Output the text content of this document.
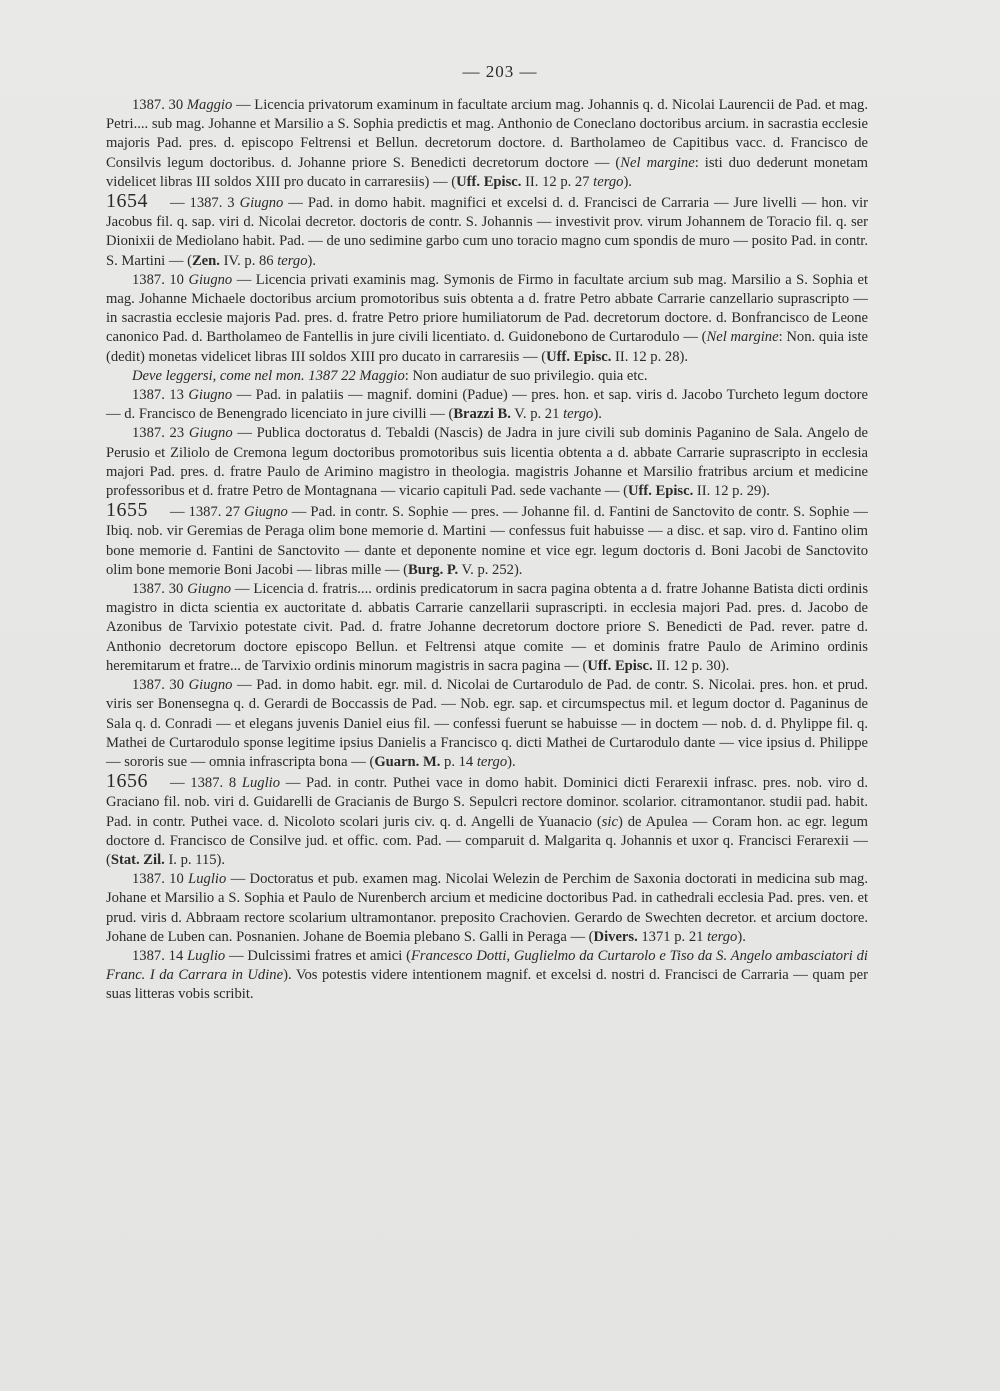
— 203 —

1387. 30 Maggio — Licencia privatorum examinum in facultate arcium mag. Johannis q. d. Nicolai Laurencii de Pad. et mag. Petri.... sub mag. Johanne et Marsilio a S. Sophia predictis et mag. Anthonio de Coneclano doctoribus arcium. in sacrastia ecclesie majoris Pad. pres. d. episcopo Feltrensi et Bellun. decretorum doctore. d. Bartholameo de Capitibus vacc. d. Francisco de Consilvis legum doctoribus. d. Johanne priore S. Benedicti decretorum doctore — (Nel margine: isti duo dederunt monetam videlicet libras III soldos XIII pro ducato in carraresiis) — (Uff. Episc. II. 12 p. 27 tergo).

1654 — 1387. 3 Giugno — Pad. in domo habit. magnifici et excelsi d. d. Francisci de Carraria — Jure livelli — hon. vir Jacobus fil. q. sap. viri d. Nicolai decretor. doctoris de contr. S. Johannis — investivit prov. virum Johannem de Toracio fil. q. ser Dionixii de Mediolano habit. Pad. — de uno sedimine garbo cum uno toracio magno cum spondis de muro — posito Pad. in contr. S. Martini — (Zen. IV. p. 86 tergo).

1387. 10 Giugno — Licencia privati examinis mag. Symonis de Firmo in facultate arcium sub mag. Marsilio a S. Sophia et mag. Johanne Michaele doctoribus arcium promotoribus suis obtenta a d. fratre Petro abbate Carrarie canzellario suprascripto — in sacrastia ecclesie majoris Pad. pres. d. fratre Petro priore humiliatorum de Pad. decretorum doctore. d. Bonfrancisco de Leone canonico Pad. d. Bartholameo de Fantellis in jure civili licentiato. d. Guidonebono de Curtarodulo — (Nel margine: Non. quia iste (dedit) monetas videlicet libras III soldos XIII pro ducato in carraresiis — (Uff. Episc. II. 12 p. 28).

Deve leggersi, come nel mon. 1387 22 Maggio: Non audiatur de suo privilegio. quia etc.

1387. 13 Giugno — Pad. in palatiis — magnif. domini (Padue) — pres. hon. et sap. viris d. Jacobo Turcheto legum doctore — d. Francisco de Benengrado licenciato in jure civilli — (Brazzi B. V. p. 21 tergo).

1387. 23 Giugno — Publica doctoratus d. Tebaldi (Nascis) de Jadra in jure civili sub dominis Paganino de Sala. Angelo de Perusio et Ziliolo de Cremona legum doctoribus promotoribus suis licentia obtenta a d. abbate Carrarie suprascripto in ecclesia majori Pad. pres. d. fratre Paulo de Arimino magistro in theologia. magistris Johanne et Marsilio fratribus arcium et medicine professoribus et d. fratre Petro de Montagnana — vicario capituli Pad. sede vachante — (Uff. Episc. II. 12 p. 29).

1655 — 1387. 27 Giugno — Pad. in contr. S. Sophie — pres. — Johanne fil. d. Fantini de Sanctovito de contr. S. Sophie — Ibiq. nob. vir Geremias de Peraga olim bone memorie d. Martini — confessus fuit habuisse — a disc. et sap. viro d. Fantino olim bone memorie d. Fantini de Sanctovito — dante et deponente nomine et vice egr. legum doctoris d. Boni Jacobi de Sanctovito olim bone memorie Boni Jacobi — libras mille — (Burg. P. V. p. 252).

1387. 30 Giugno — Licencia d. fratris.... ordinis predicatorum in sacra pagina obtenta a d. fratre Johanne Batista dicti ordinis magistro in dicta scientia ex auctoritate d. abbatis Carrarie canzellarii suprascripti. in ecclesia majori Pad. pres. d. Jacobo de Azonibus de Tarvixio potestate civit. Pad. d. fratre Johanne decretorum doctore priore S. Benedicti de Pad. rever. patre d. Anthonio decretorum doctore episcopo Bellun. et Feltrensi atque comite — et dominis fratre Paulo de Arimino ordinis heremitarum et fratre... de Tarvixio ordinis minorum magistris in sacra pagina — (Uff. Episc. II. 12 p. 30).

1387. 30 Giugno — Pad. in domo habit. egr. mil. d. Nicolai de Curtarodulo de Pad. de contr. S. Nicolai. pres. hon. et prud. viris ser Bonensegna q. d. Gerardi de Boccassis de Pad. — Nob. egr. sap. et circumspectus mil. et legum doctor d. Paganinus de Sala q. d. Conradi — et elegans juvenis Daniel eius fil. — confessi fuerunt se habuisse — in doctem — nob. d. d. Phylippe fil. q. Mathei de Curtarodulo sponse legitime ipsius Danielis a Francisco q. dicti Mathei de Curtarodulo dante — vice ipsius d. Philippe — sororis sue — omnia infrascripta bona — (Guarn. M. p. 14 tergo).

1656 — 1387. 8 Luglio — Pad. in contr. Puthei vace in domo habit. Dominici dicti Ferarexii infrasc. pres. nob. viro d. Graciano fil. nob. viri d. Guidarelli de Gracianis de Burgo S. Sepulcri rectore dominor. scolarior. citramontanor. studii pad. habit. Pad. in contr. Puthei vace. d. Nicoloto scolari juris civ. q. d. Angelli de Yuanacio (sic) de Apulea — Coram hon. ac egr. legum doctore d. Francisco de Consilve jud. et offic. com. Pad. — comparuit d. Malgarita q. Johannis et uxor q. Francisci Ferarexii — (Stat. Zil. I. p. 115).

1387. 10 Luglio — Doctoratus et pub. examen mag. Nicolai Welezin de Perchim de Saxonia doctorati in medicina sub mag. Johane et Marsilio a S. Sophia et Paulo de Nurenberch arcium et medicine doctoribus Pad. in cathedrali ecclesia Pad. pres. ven. et prud. viris d. Abbraam rectore scolarium ultramontanor. preposito Crachovien. Gerardo de Swechten decretor. et arcium doctore. Johane de Luben can. Posnanien. Johane de Boemia plebano S. Galli in Peraga — (Divers. 1371 p. 21 tergo).

1387. 14 Luglio — Dulcissimi fratres et amici (Francesco Dotti, Guglielmo da Curtarolo e Tiso da S. Angelo ambasciatori di Franc. I da Carrara in Udine). Vos potestis videre intentionem magnif. et excelsi d. nostri d. Francisci de Carraria — quam per suas litteras vobis scribit.
